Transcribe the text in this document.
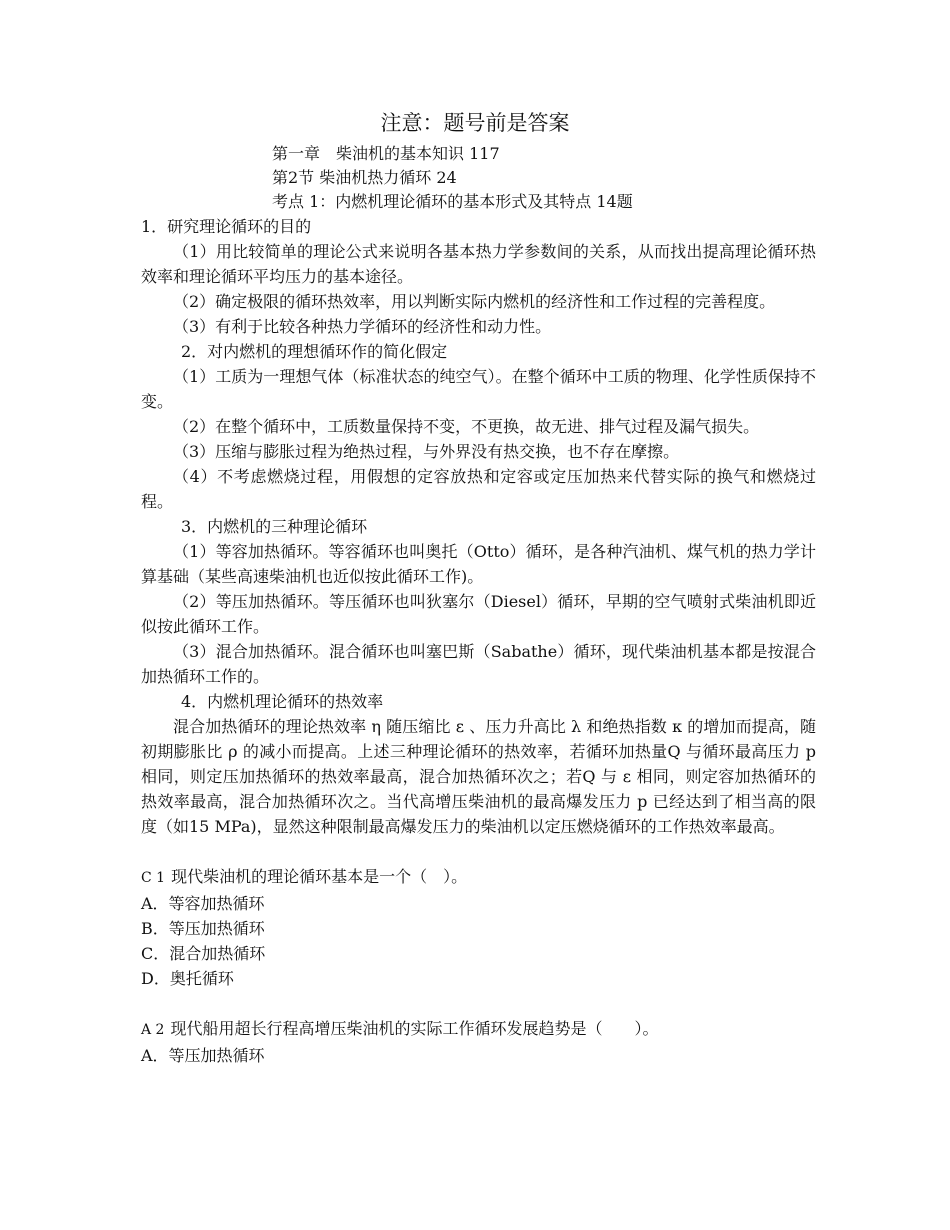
注意：题号前是答案
第一章　柴油机的基本知识 117
第2节 柴油机热力循环 24
考点 1：内燃机理论循环的基本形式及其特点 14题

1．研究理论循环的目的

（1）用比较简单的理论公式来说明各基本热力学参数间的关系，从而找出提高理论循环热效率和理论循环平均压力的基本途径。

（2）确定极限的循环热效率，用以判断实际内燃机的经济性和工作过程的完善程度。

（3）有利于比较各种热力学循环的经济性和动力性。

2．对内燃机的理想循环作的简化假定

（1）工质为一理想气体（标准状态的纯空气）。在整个循环中工质的物理、化学性质保持不变。

（2）在整个循环中，工质数量保持不变，不更换，故无进、排气过程及漏气损失。

（3）压缩与膨胀过程为绝热过程，与外界没有热交换，也不存在摩擦。

（4）不考虑燃烧过程，用假想的定容放热和定容或定压加热来代替实际的换气和燃烧过程。

3．内燃机的三种理论循环

（1）等容加热循环。等容循环也叫奥托（Otto）循环，是各种汽油机、煤气机的热力学计算基础（某些高速柴油机也近似按此循环工作)。

（2）等压加热循环。等压循环也叫狄塞尔（Diesel）循环，早期的空气喷射式柴油机即近似按此循环工作。

（3）混合加热循环。混合循环也叫塞巴斯（Sabathe）循环，现代柴油机基本都是按混合加热循环工作的。

4．内燃机理论循环的热效率

混合加热循环的理论热效率 η 随压缩比 ε 、压力升高比 λ 和绝热指数 κ 的增加而提高，随初期膨胀比 ρ 的减小而提高。上述三种理论循环的热效率，若循环加热量Q 与循环最高压力 p 相同，则定压加热循环的热效率最高，混合加热循环次之；若Q 与 ε 相同，则定容加热循环的热效率最高，混合加热循环次之。当代高增压柴油机的最高爆发压力 p 已经达到了相当高的限度（如15 MPa)，显然这种限制最高爆发压力的柴油机以定压燃烧循环的工作热效率最高。

C 1 现代柴油机的理论循环基本是一个（　）。

A．等容加热循环

B．等压加热循环

C．混合加热循环

D．奥托循环

A 2 现代船用超长行程高增压柴油机的实际工作循环发展趋势是（　　）。

A．等压加热循环
